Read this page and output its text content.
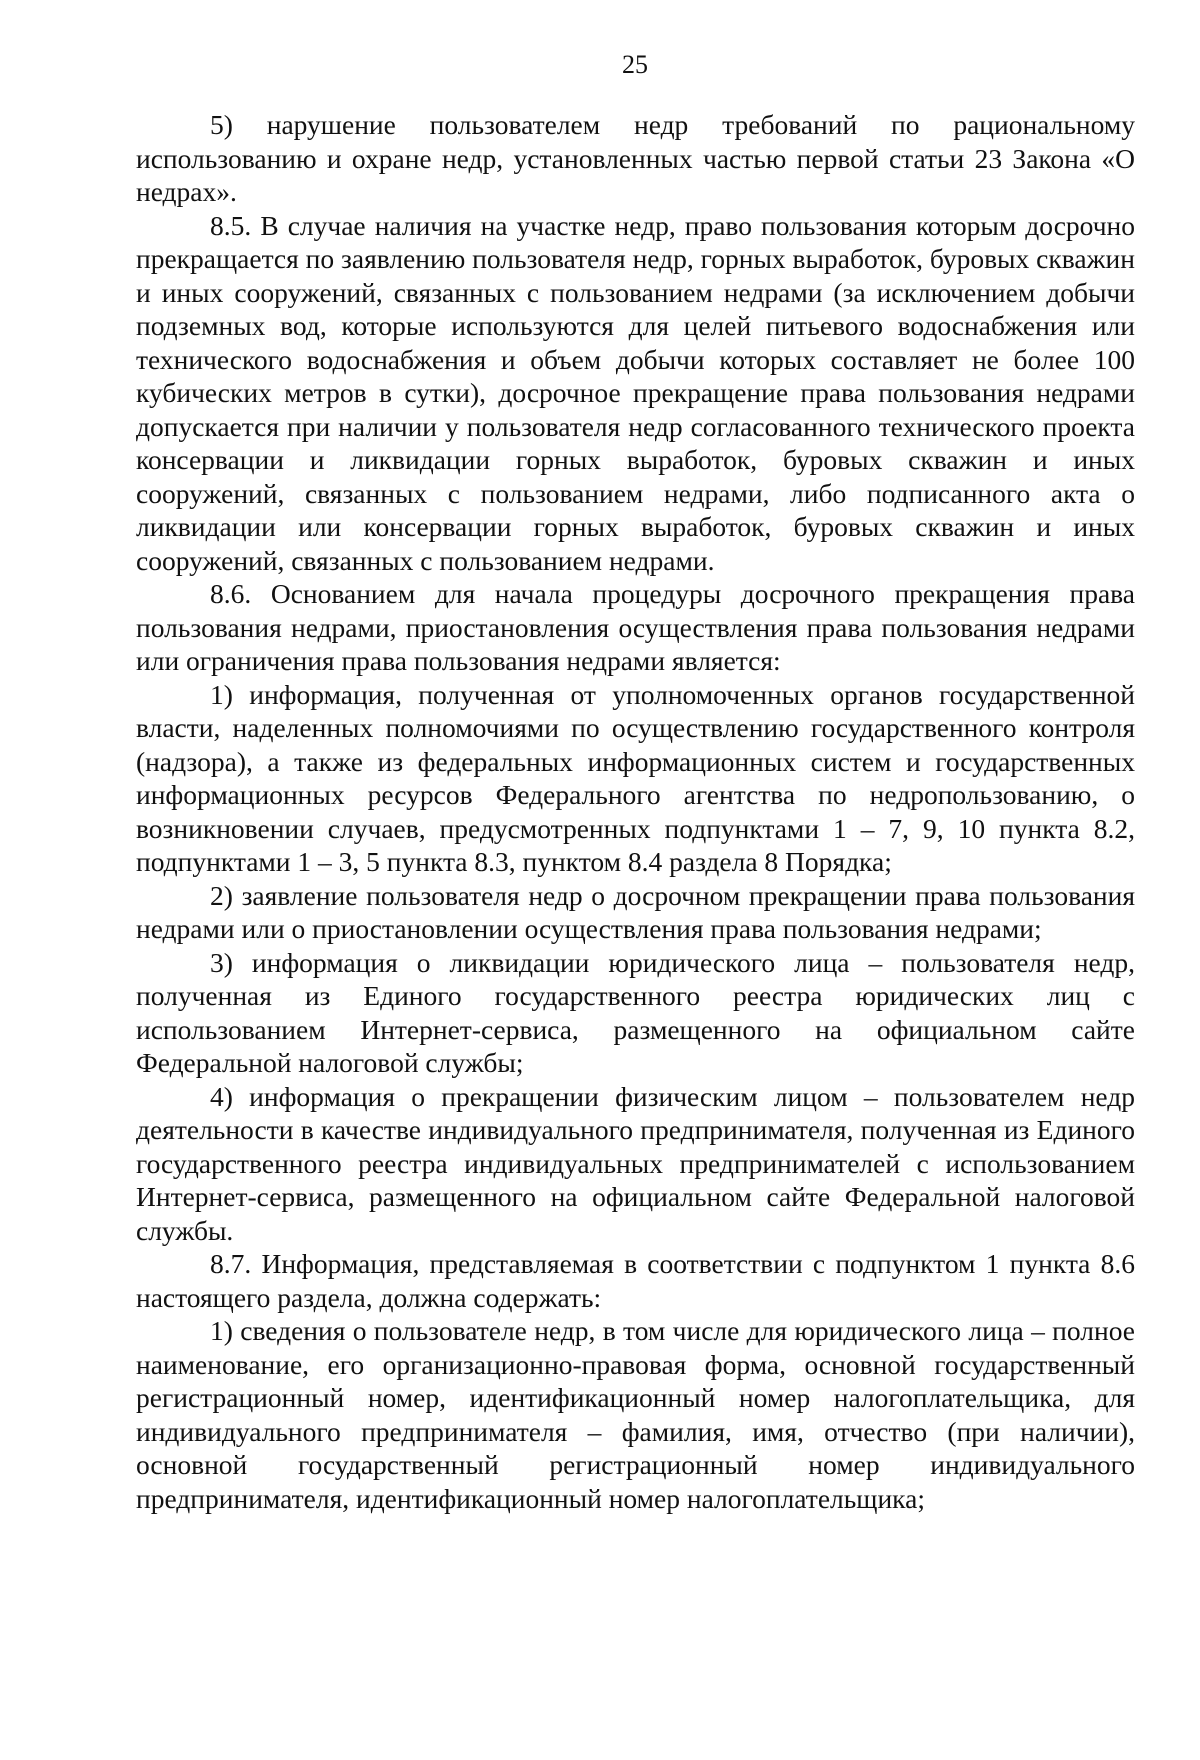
25

5) нарушение пользователем недр требований по рациональному использованию и охране недр, установленных частью первой статьи 23 Закона «О недрах».

8.5. В случае наличия на участке недр, право пользования которым досрочно прекращается по заявлению пользователя недр, горных выработок, буровых скважин и иных сооружений, связанных с пользованием недрами (за исключением добычи подземных вод, которые используются для целей питьевого водоснабжения или технического водоснабжения и объем добычи которых составляет не более 100 кубических метров в сутки), досрочное прекращение права пользования недрами допускается при наличии у пользователя недр согласованного технического проекта консервации и ликвидации горных выработок, буровых скважин и иных сооружений, связанных с пользованием недрами, либо подписанного акта о ликвидации или консервации горных выработок, буровых скважин и иных сооружений, связанных с пользованием недрами.

8.6. Основанием для начала процедуры досрочного прекращения права пользования недрами, приостановления осуществления права пользования недрами или ограничения права пользования недрами является:

1) информация, полученная от уполномоченных органов государственной власти, наделенных полномочиями по осуществлению государственного контроля (надзора), а также из федеральных информационных систем и государственных информационных ресурсов Федерального агентства по недропользованию, о возникновении случаев, предусмотренных подпунктами 1 – 7, 9, 10 пункта 8.2, подпунктами 1 – 3, 5 пункта 8.3, пунктом 8.4 раздела 8 Порядка;

2) заявление пользователя недр о досрочном прекращении права пользования недрами или о приостановлении осуществления права пользования недрами;

3) информация о ликвидации юридического лица – пользователя недр, полученная из Единого государственного реестра юридических лиц с использованием Интернет-сервиса, размещенного на официальном сайте Федеральной налоговой службы;

4) информация о прекращении физическим лицом – пользователем недр деятельности в качестве индивидуального предпринимателя, полученная из Единого государственного реестра индивидуальных предпринимателей с использованием Интернет-сервиса, размещенного на официальном сайте Федеральной налоговой службы.

8.7. Информация, представляемая в соответствии с подпунктом 1 пункта 8.6 настоящего раздела, должна содержать:

1) сведения о пользователе недр, в том числе для юридического лица – полное наименование, его организационно-правовая форма, основной государственный регистрационный номер, идентификационный номер налогоплательщика, для индивидуального предпринимателя – фамилия, имя, отчество (при наличии), основной государственный регистрационный номер индивидуального предпринимателя, идентификационный номер налогоплательщика;
